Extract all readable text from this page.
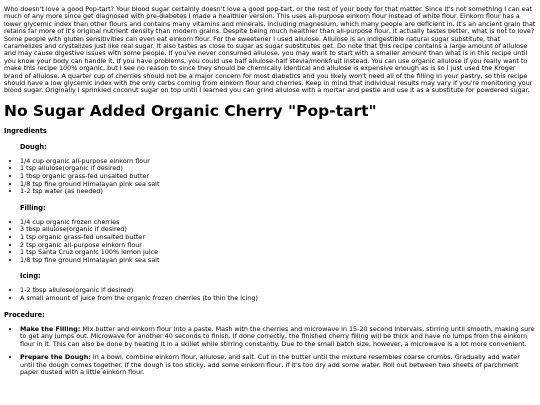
Who doesn't love a good Pop-tart? Your blood sugar certainly doesn't love a good pop-tart, or the rest of your body for that matter. Since it's not something I can eat much of any more since get diagnosed with pre-diabetes I made a healthier version. This uses all-purpose einkorn flour instead of white flour. Einkorn flour has a lower glycemic index than other flours and contains many vitamins and minerals, including magnesium, which many people are deficient in. It's an ancient grain that retains far more of it's original nutrient density than modern grains. Despite being much healthier than all-purpose flour, it actually tastes better, what is not to love? Some people with gluten sensitivities can even eat einkorn flour. For the sweetener I used allulose. Allulose is an indigestible natural sugar substitute, that caramelizes and crystalizes just like real sugar. It also tastes as close to sugar as sugar substitutes get. Do note that this recipe contains a large amount of allulose and may cause digestive issues with some people. If you've never consumed allulose, you may want to start with a smaller amount than what is in this recipe until you know your body can handle it. If you have problems, you could use half allulose-half stevia/monkfruit instead. You can use organic allulose if you really want to make this recipe 100% organic, but I see no reason to since they should be chemically identical and allulose is expensive enough as is so I just used the Kroger brand of allulose. A quarter cup of cherries should not be a major concern for most diabetics and you likely won't need all of the filling in your pastry, so this recipe should have a low glycemic index with the only carbs coming from einkorn flour and cherries. Keep in mind that individual results may vary if you're monitoring your blood sugar. Originally I sprinkled coconut sugar on top until I learned you can grind allulose with a mortar and pestle and use it as a substitute for powdered sugar.

No Sugar Added Organic Cherry "Pop-tart"
Ingredients
Dough:
• 1/4 cup organic all-purpose einkorn flour
• 1 tsp allulose(organic if desired)
• 1 tbsp organic grass-fed unsalted butter
• 1/8 tsp fine ground Himalayan pink sea salt
• 1-2 tsp water (as needed)
Filling:
• 1/4 cup organic frozen cherries
• 3 tbsp allulose(organic if desired)
• 1 tsp organic grass-fed unsalted butter
• 2 tsp organic all-purpose einkorn flour
• 1 tsp Santa Cruz organic 100% lemon juice
• 1/8 tsp fine ground Himalayan pink sea salt
Icing:
• 1-2 tbsp allulose(organic if desired)
• A small amount of juice from the organic frozen cherries (to thin the icing)
Procedure:
• Make the Filling: Mix butter and einkorn flour into a paste. Mash with the cherries and microwave in 15-20 second intervals, stirring until smooth, making sure to get any lumps out. Microwave for another 40 seconds to finish. If done correctly, the finished cherry filling will be thick and have no lumps from the einkorn flour in it. This can also be done by heating it in a skillet while stirring constantly. Due to the small batch size, however, a microwave is a lot more convenient.
• Prepare the Dough: In a bowl, combine einkorn flour, allulose, and salt. Cut in the butter until the mixture resembles coarse crumbs. Gradually add water until the dough comes together. If the dough is too sticky, add some einkorn flour, if it's too dry add some water. Roll out between two sheets of parchment paper dusted with a little einkorn flour.
